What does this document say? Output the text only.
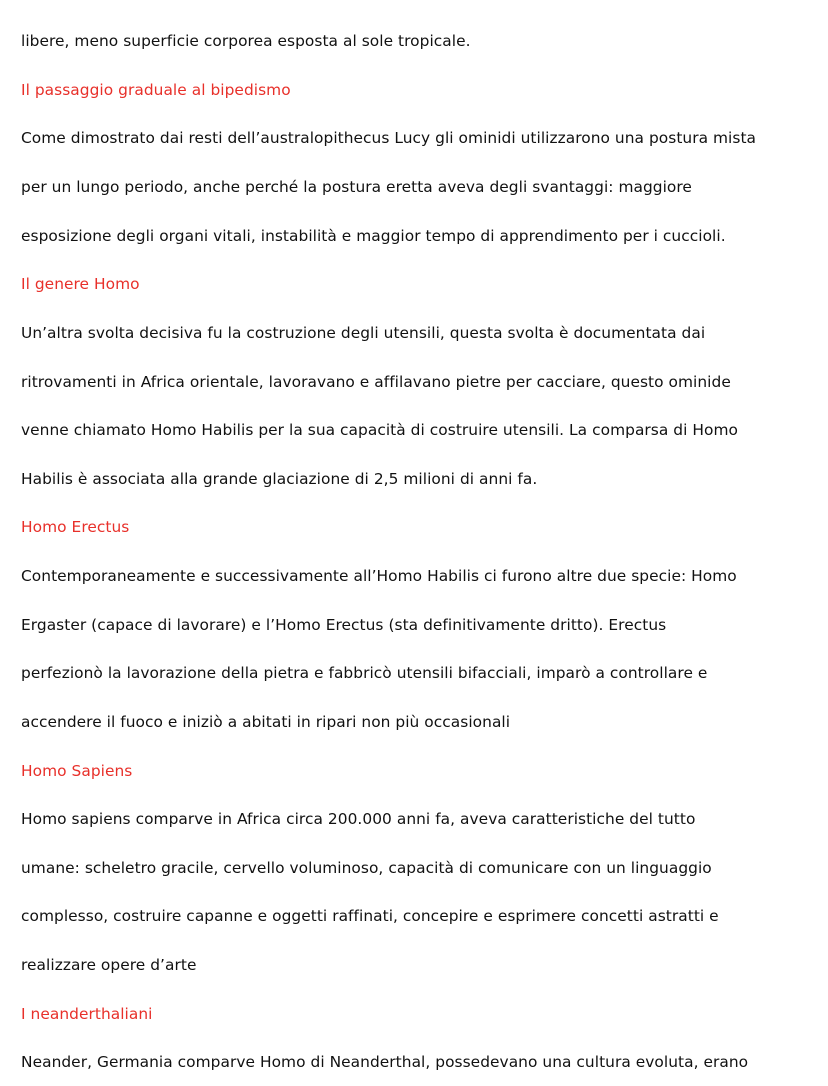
libere, meno superficie corporea esposta al sole tropicale.
Il passaggio graduale al bipedismo
Come dimostrato dai resti dell’australopithecus Lucy gli ominidi utilizzarono una postura mista
per un lungo periodo, anche perché la postura eretta aveva degli svantaggi: maggiore
esposizione degli organi vitali, instabilità e maggior tempo di apprendimento per i cuccioli.
Il genere Homo
Un’altra svolta decisiva fu la costruzione degli utensili, questa svolta è documentata dai
ritrovamenti in Africa orientale, lavoravano e affilavano pietre per cacciare, questo ominide
venne chiamato Homo Habilis per la sua capacità di costruire utensili. La comparsa di Homo
Habilis è associata alla grande glaciazione di 2,5 milioni di anni fa.
Homo Erectus
Contemporaneamente e successivamente all’Homo Habilis ci furono altre due specie: Homo
Ergaster (capace di lavorare) e l’Homo Erectus (sta definitivamente dritto). Erectus
perfezionò la lavorazione della pietra e fabbricò utensili bifacciali, imparò a controllare e
accendere il fuoco e iniziò a abitati in ripari non più occasionali
Homo Sapiens
Homo sapiens comparve in Africa circa 200.000 anni fa, aveva caratteristiche del tutto
umane: scheletro gracile, cervello voluminoso, capacità di comunicare con un linguaggio
complesso, costruire capanne e oggetti raffinati, concepire e esprimere concetti astratti e
realizzare opere d’arte
I neanderthaliani
Neander, Germania comparve Homo di Neanderthal, possedevano una cultura evoluta, erano
